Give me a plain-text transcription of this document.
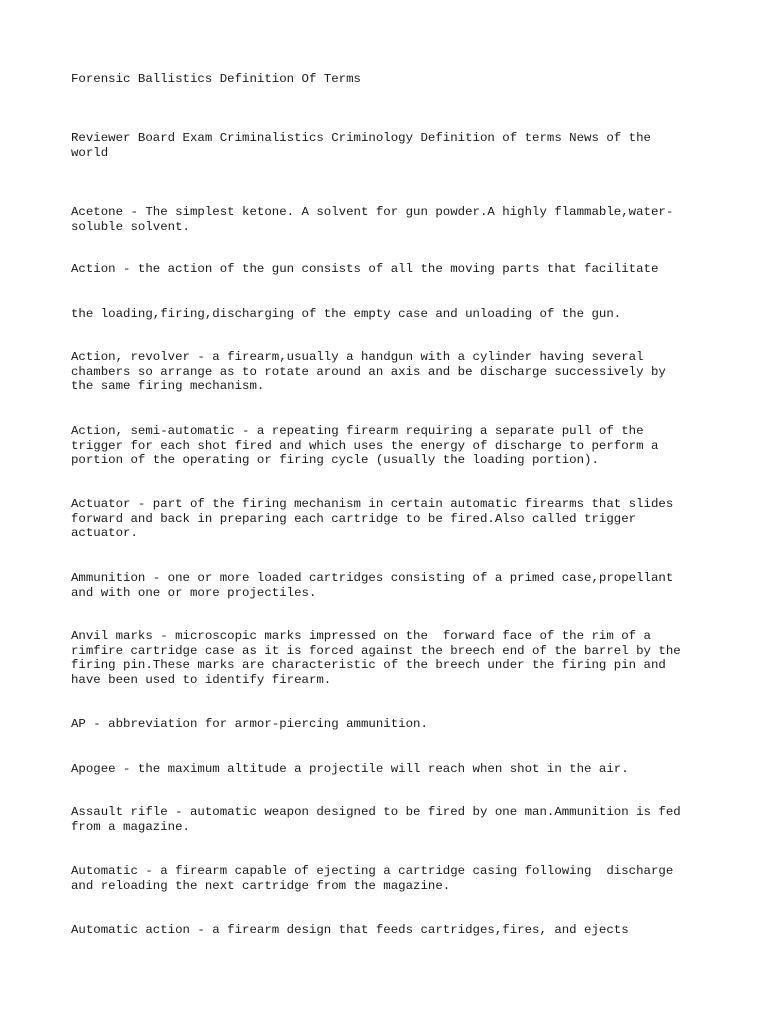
Forensic Ballistics Definition Of Terms

Reviewer Board Exam Criminalistics Criminology Definition of terms News of the
world

Acetone - The simplest ketone. A solvent for gun powder.A highly flammable,water-
soluble solvent.

Action - the action of the gun consists of all the moving parts that facilitate

the loading,firing,discharging of the empty case and unloading of the gun.

Action, revolver - a firearm,usually a handgun with a cylinder having several
chambers so arrange as to rotate around an axis and be discharge successively by
the same firing mechanism.

Action, semi-automatic - a repeating firearm requiring a separate pull of the
trigger for each shot fired and which uses the energy of discharge to perform a
portion of the operating or firing cycle (usually the loading portion).

Actuator - part of the firing mechanism in certain automatic firearms that slides
forward and back in preparing each cartridge to be fired.Also called trigger
actuator.

Ammunition - one or more loaded cartridges consisting of a primed case,propellant
and with one or more projectiles.

Anvil marks - microscopic marks impressed on the  forward face of the rim of a
rimfire cartridge case as it is forced against the breech end of the barrel by the
firing pin.These marks are characteristic of the breech under the firing pin and
have been used to identify firearm.

AP - abbreviation for armor-piercing ammunition.

Apogee - the maximum altitude a projectile will reach when shot in the air.

Assault rifle - automatic weapon designed to be fired by one man.Ammunition is fed
from a magazine.

Automatic - a firearm capable of ejecting a cartridge casing following  discharge
and reloading the next cartridge from the magazine.

Automatic action - a firearm design that feeds cartridges,fires, and ejects
